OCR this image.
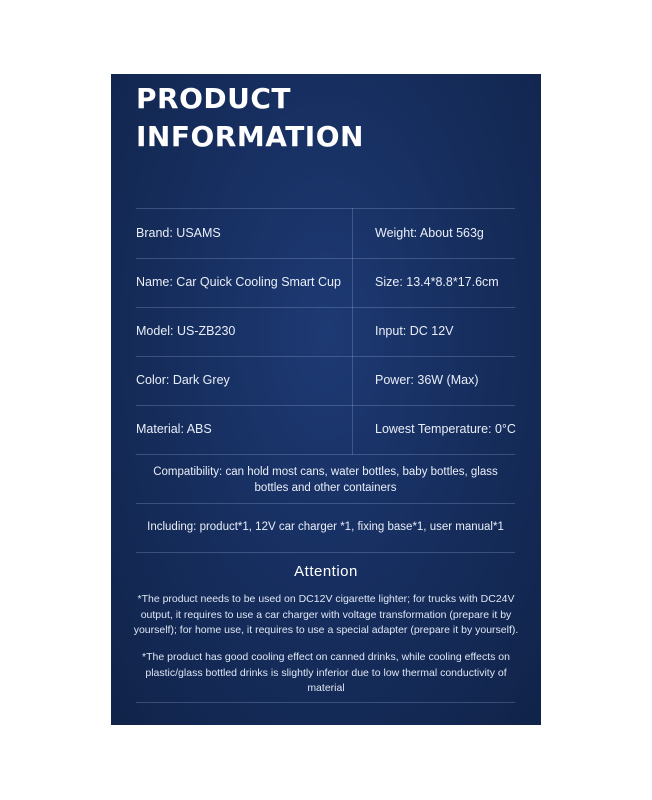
PRODUCT
INFORMATION
Brand: USAMS	Weight: About 563g
Name: Car Quick Cooling Smart Cup	Size: 13.4*8.8*17.6cm
Model: US-ZB230	Input: DC 12V
Color: Dark Grey	Power: 36W (Max)
Material: ABS	Lowest Temperature: 0°C
Compatibility: can hold most cans, water bottles, baby bottles, glass
bottles and other containers
Including: product*1, 12V car charger *1, fixing base*1, user manual*1
Attention
*The product needs to be used on DC12V cigarette lighter; for trucks with DC24V output, it requires to use a car charger with voltage transformation (prepare it by yourself); for home use, it requires to use a special adapter (prepare it by yourself).
*The product has good cooling effect on canned drinks, while cooling effects on plastic/glass bottled drinks is slightly inferior due to low thermal conductivity of material
